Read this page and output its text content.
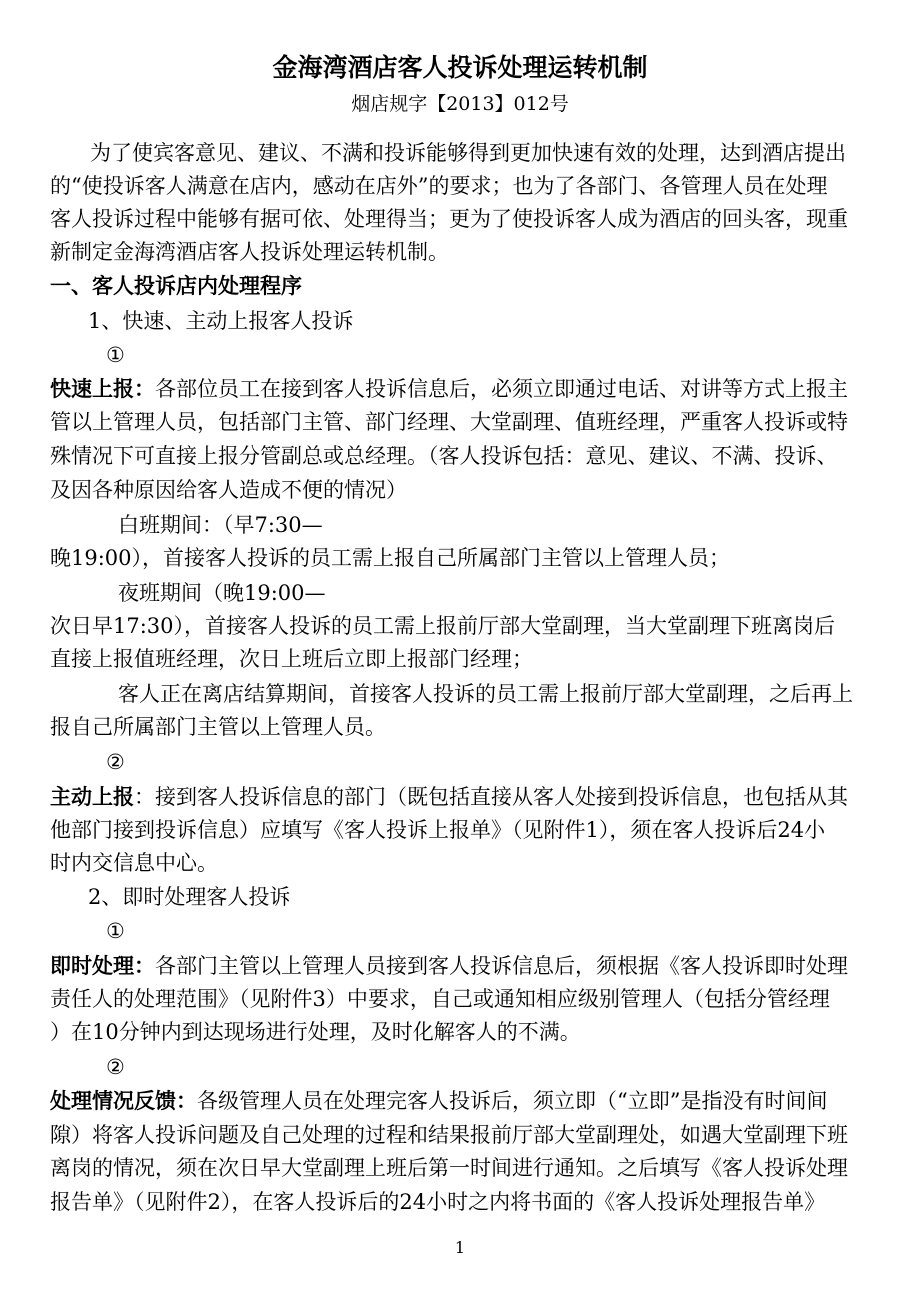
金海湾酒店客人投诉处理运转机制
烟店规字【2013】012号
为了使宾客意见、建议、不满和投诉能够得到更加快速有效的处理，达到酒店提出
的“使投诉客人满意在店内，感动在店外”的要求；也为了各部门、各管理人员在处理
客人投诉过程中能够有据可依、处理得当；更为了使投诉客人成为酒店的回头客，现重
新制定金海湾酒店客人投诉处理运转机制。
一、客人投诉店内处理程序
1、快速、主动上报客人投诉
①
快速上报：各部位员工在接到客人投诉信息后，必须立即通过电话、对讲等方式上报主
管以上管理人员，包括部门主管、部门经理、大堂副理、值班经理，严重客人投诉或特
殊情况下可直接上报分管副总或总经理。（客人投诉包括：意见、建议、不满、投诉、
及因各种原因给客人造成不便的情况）
白班期间：（早7:30—
晚19:00），首接客人投诉的员工需上报自己所属部门主管以上管理人员；
夜班期间（晚19:00—
次日早17:30），首接客人投诉的员工需上报前厅部大堂副理，当大堂副理下班离岗后
直接上报值班经理，次日上班后立即上报部门经理；
客人正在离店结算期间，首接客人投诉的员工需上报前厅部大堂副理，之后再上
报自己所属部门主管以上管理人员。
②
主动上报：接到客人投诉信息的部门（既包括直接从客人处接到投诉信息，也包括从其
他部门接到投诉信息）应填写《客人投诉上报单》（见附件1），须在客人投诉后24小
时内交信息中心。
2、即时处理客人投诉
①
即时处理：各部门主管以上管理人员接到客人投诉信息后，须根据《客人投诉即时处理
责任人的处理范围》（见附件3）中要求，自己或通知相应级别管理人（包括分管经理
）在10分钟内到达现场进行处理，及时化解客人的不满。
②
处理情况反馈：各级管理人员在处理完客人投诉后，须立即（“立即”是指没有时间间
隙）将客人投诉问题及自己处理的过程和结果报前厅部大堂副理处，如遇大堂副理下班
离岗的情况，须在次日早大堂副理上班后第一时间进行通知。之后填写《客人投诉处理
报告单》（见附件2），在客人投诉后的24小时之内将书面的《客人投诉处理报告单》
1
